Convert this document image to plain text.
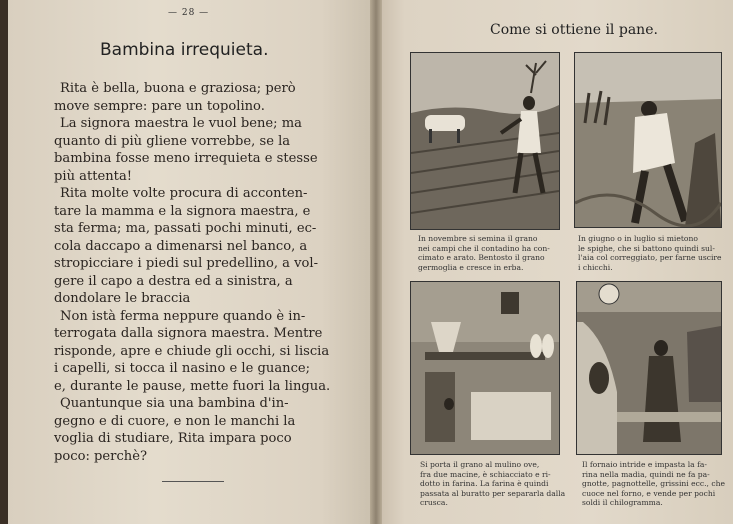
— 28 —
Bambina irrequieta.

Rita è bella, buona e graziosa; però
move sempre: pare un topolino.

La signora maestra le vuol bene; ma
quanto di più gliene vorrebbe, se la
bambina fosse meno irrequieta e stesse
più attenta!

Rita molte volte procura di acconten-
tare la mamma e la signora maestra, e
sta ferma; ma, passati pochi minuti, ec-
cola daccapo a dimenarsi nel banco, a
stropicciare i piedi sul predellino, a vol-
gere il capo a destra ed a sinistra, a
dondolare le braccia

Non istà ferma neppure quando è in-
terrogata dalla signora maestra. Mentre
risponde, apre e chiude gli occhi, si liscia
i capelli, si tocca il nasino e le guance;
e, durante le pause, mette fuori la lingua.

Quantunque sia una bambina d'in-
gegno e di cuore, e non le manchi la
voglia di studiare, Rita impara poco
poco: perchè?

Come si ottiene il pane.
In novembre si semina il grano
nei campi che il contadino ha con-
cimato e arato. Bentosto il grano
germoglia e cresce in erba.
In giugno o in luglio si mietono
le spighe, che si battono quindi sul-
l'aia col correggiato, per farne uscire
i chicchi.
Si porta il grano al mulino ove,
fra due macine, è schiacciato e ri-
dotto in farina. La farina è quindi
passata al buratto per separarla dalla
crusca.
Il fornaio intride e impasta la fa-
rina nella madia, quindi ne fa pa-
gnotte, pagnottelle, grissini ecc., che
cuoce nel forno, e vende per pochi
soldi il chilogramma.
